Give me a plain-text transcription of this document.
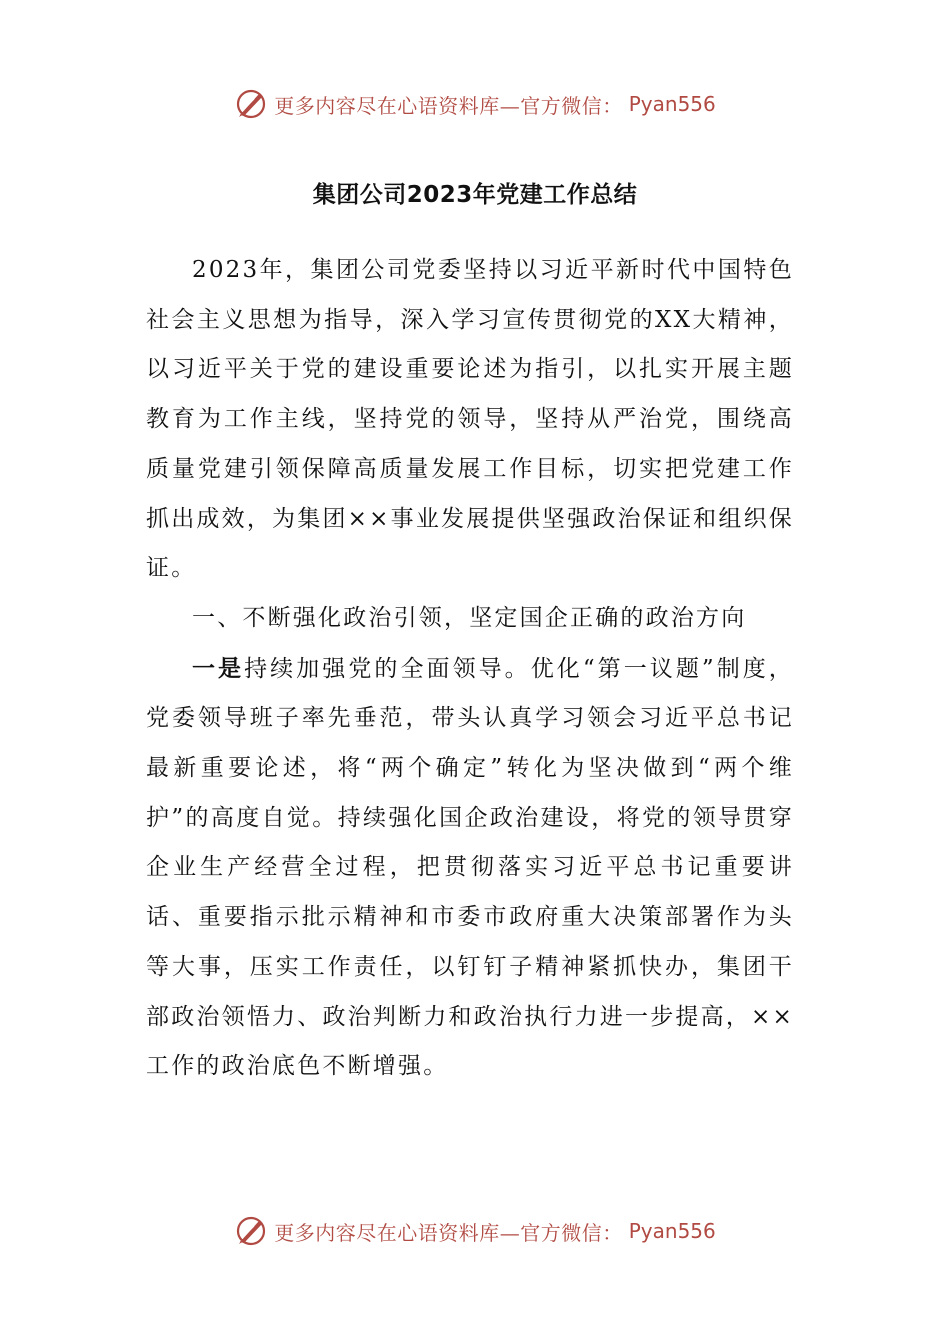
更多内容尽在心语资料库—官方微信： Pyan556
集团公司2023年党建工作总结

2023年，集团公司党委坚持以习近平新时代中国特色社会主义思想为指导，深入学习宣传贯彻党的XX大精神，以习近平关于党的建设重要论述为指引，以扎实开展主题教育为工作主线，坚持党的领导，坚持从严治党，围绕高质量党建引领保障高质量发展工作目标，切实把党建工作抓出成效，为集团××事业发展提供坚强政治保证和组织保证。

一、不断强化政治引领，坚定国企正确的政治方向

一是持续加强党的全面领导。优化“第一议题”制度，党委领导班子率先垂范，带头认真学习领会习近平总书记最新重要论述，将“两个确定”转化为坚决做到“两个维护”的高度自觉。持续强化国企政治建设，将党的领导贯穿企业生产经营全过程，把贯彻落实习近平总书记重要讲话、重要指示批示精神和市委市政府重大决策部署作为头等大事，压实工作责任，以钉钉子精神紧抓快办，集团干部政治领悟力、政治判断力和政治执行力进一步提高，××工作的政治底色不断增强。

更多内容尽在心语资料库—官方微信： Pyan556
